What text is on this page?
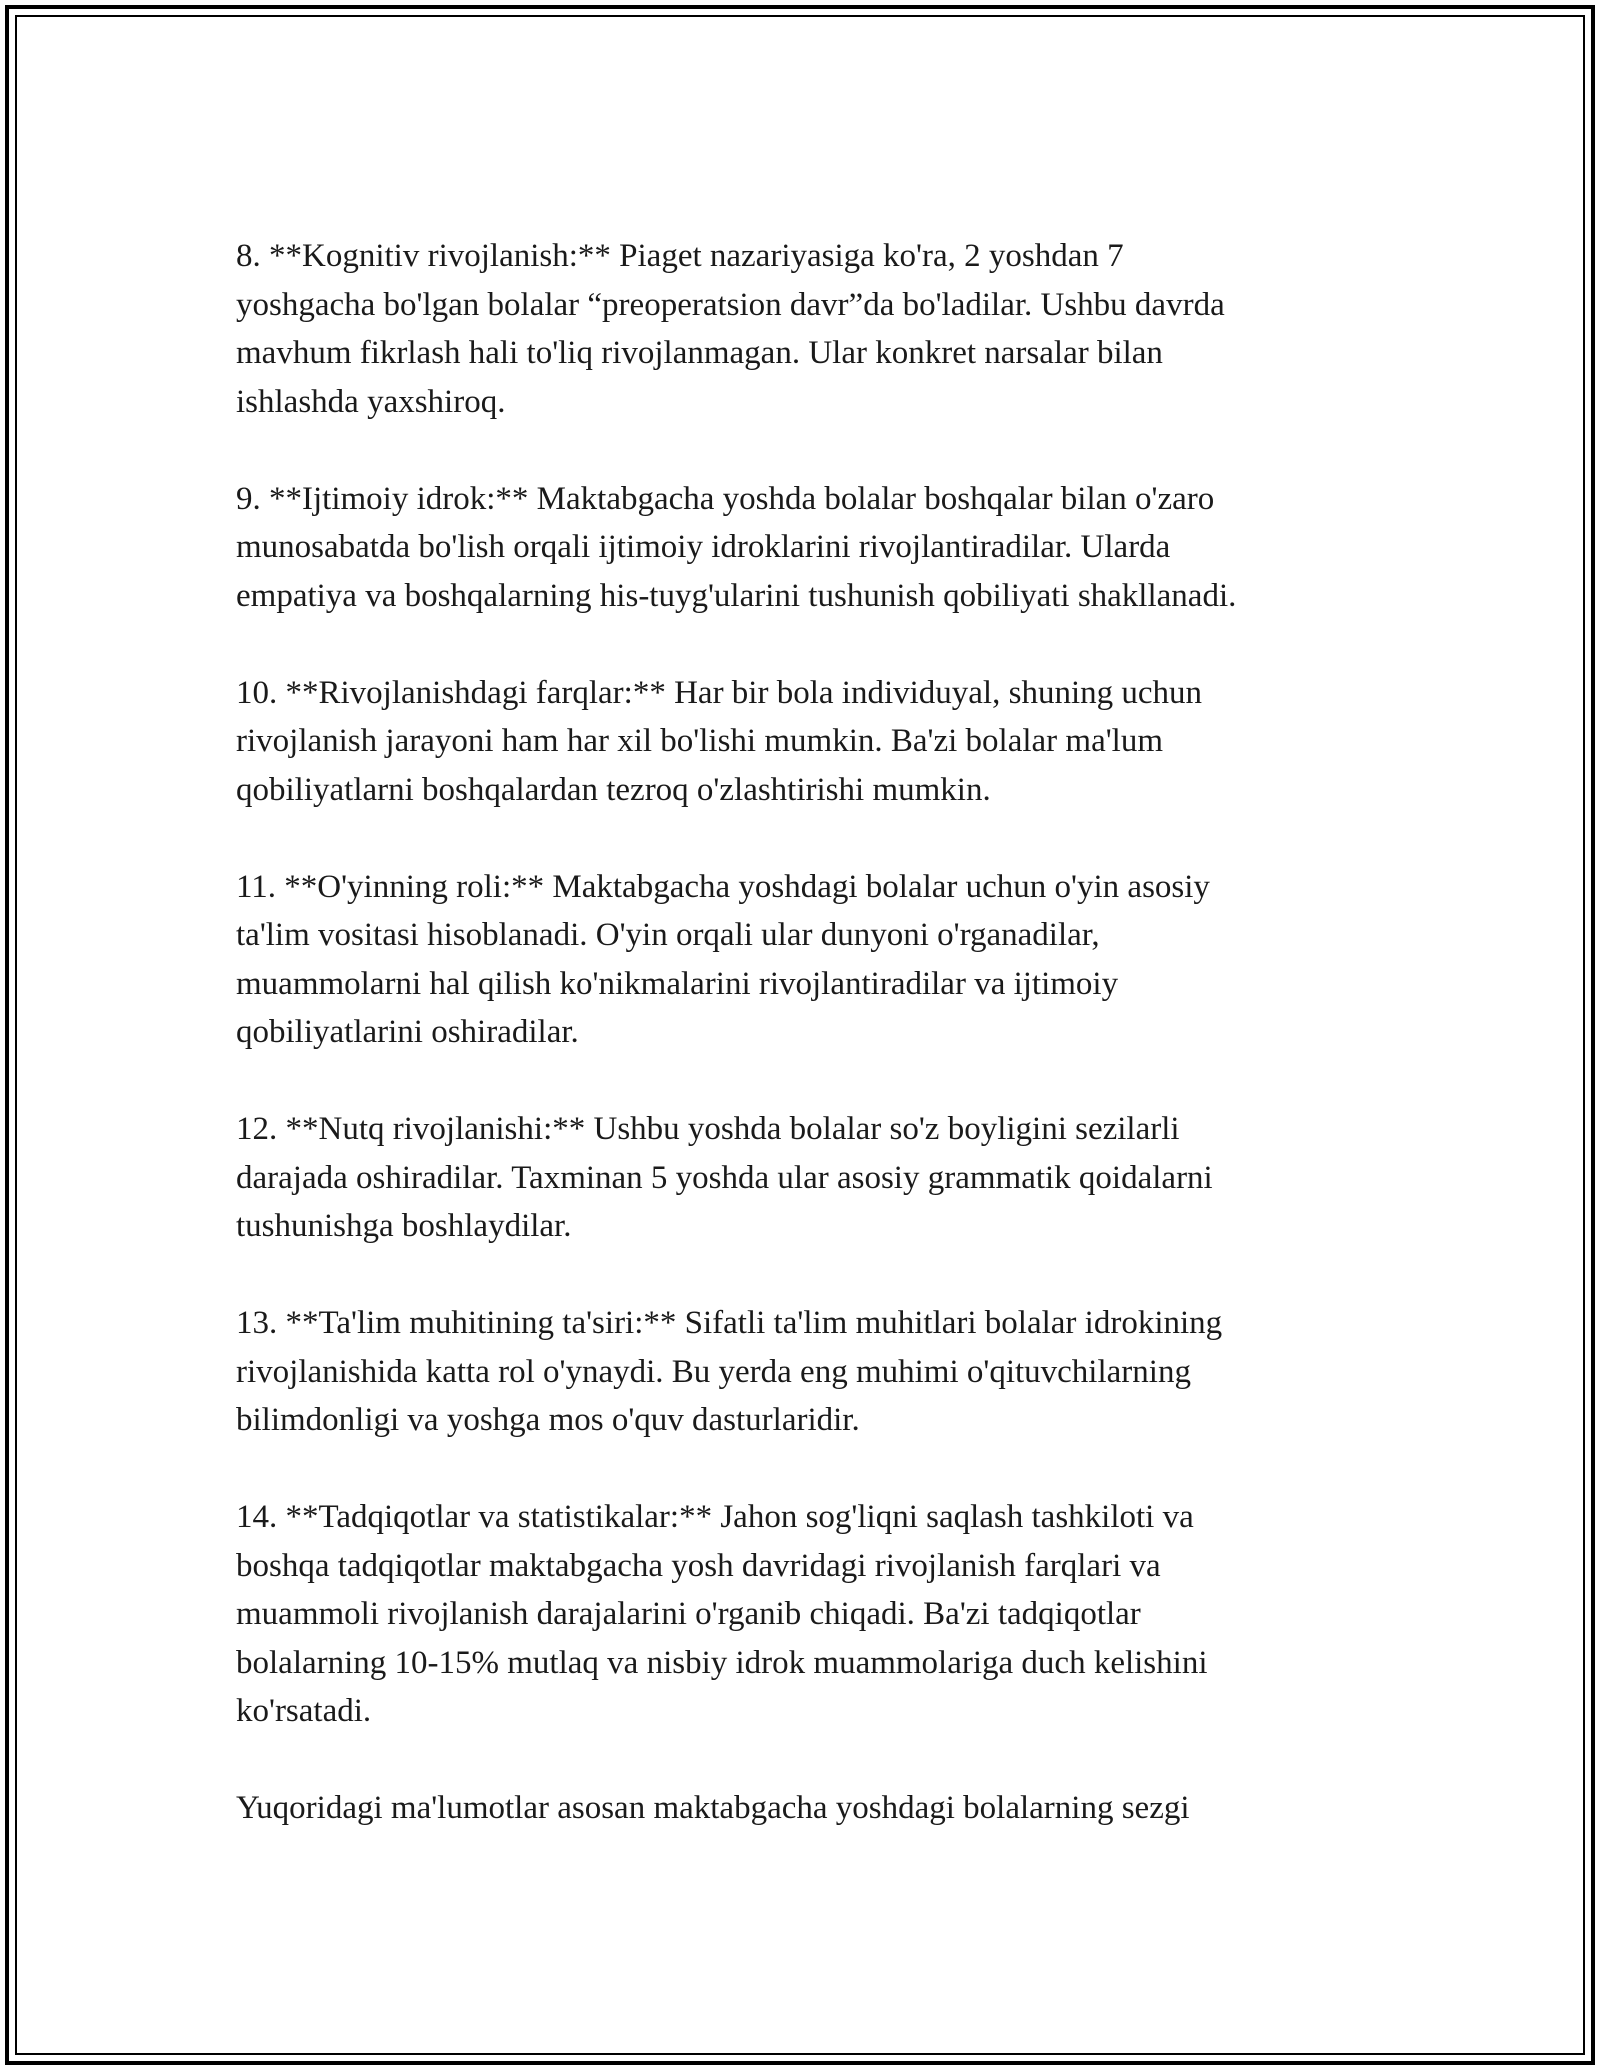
8. **Kognitiv rivojlanish:** Piaget nazariyasiga ko'ra, 2 yoshdan 7
yoshgacha bo'lgan bolalar “preoperatsion davr”da bo'ladilar. Ushbu davrda
mavhum fikrlash hali to'liq rivojlanmagan. Ular konkret narsalar bilan
ishlashda yaxshiroq.

9. **Ijtimoiy idrok:** Maktabgacha yoshda bolalar boshqalar bilan o'zaro
munosabatda bo'lish orqali ijtimoiy idroklarini rivojlantiradilar. Ularda
empatiya va boshqalarning his-tuyg'ularini tushunish qobiliyati shakllanadi.

10. **Rivojlanishdagi farqlar:** Har bir bola individuyal, shuning uchun
rivojlanish jarayoni ham har xil bo'lishi mumkin. Ba'zi bolalar ma'lum
qobiliyatlarni boshqalardan tezroq o'zlashtirishi mumkin.

11. **O'yinning roli:** Maktabgacha yoshdagi bolalar uchun o'yin asosiy
ta'lim vositasi hisoblanadi. O'yin orqali ular dunyoni o'rganadilar,
muammolarni hal qilish ko'nikmalarini rivojlantiradilar va ijtimoiy
qobiliyatlarini oshiradilar.

12. **Nutq rivojlanishi:** Ushbu yoshda bolalar so'z boyligini sezilarli
darajada oshiradilar. Taxminan 5 yoshda ular asosiy grammatik qoidalarni
tushunishga boshlaydilar.

13. **Ta'lim muhitining ta'siri:** Sifatli ta'lim muhitlari bolalar idrokining
rivojlanishida katta rol o'ynaydi. Bu yerda eng muhimi o'qituvchilarning
bilimdonligi va yoshga mos o'quv dasturlaridir.

14. **Tadqiqotlar va statistikalar:** Jahon sog'liqni saqlash tashkiloti va
boshqa tadqiqotlar maktabgacha yosh davridagi rivojlanish farqlari va
muammoli rivojlanish darajalarini o'rganib chiqadi. Ba'zi tadqiqotlar
bolalarning 10-15% mutlaq va nisbiy idrok muammolariga duch kelishini
ko'rsatadi.

Yuqoridagi ma'lumotlar asosan maktabgacha yoshdagi bolalarning sezgi
